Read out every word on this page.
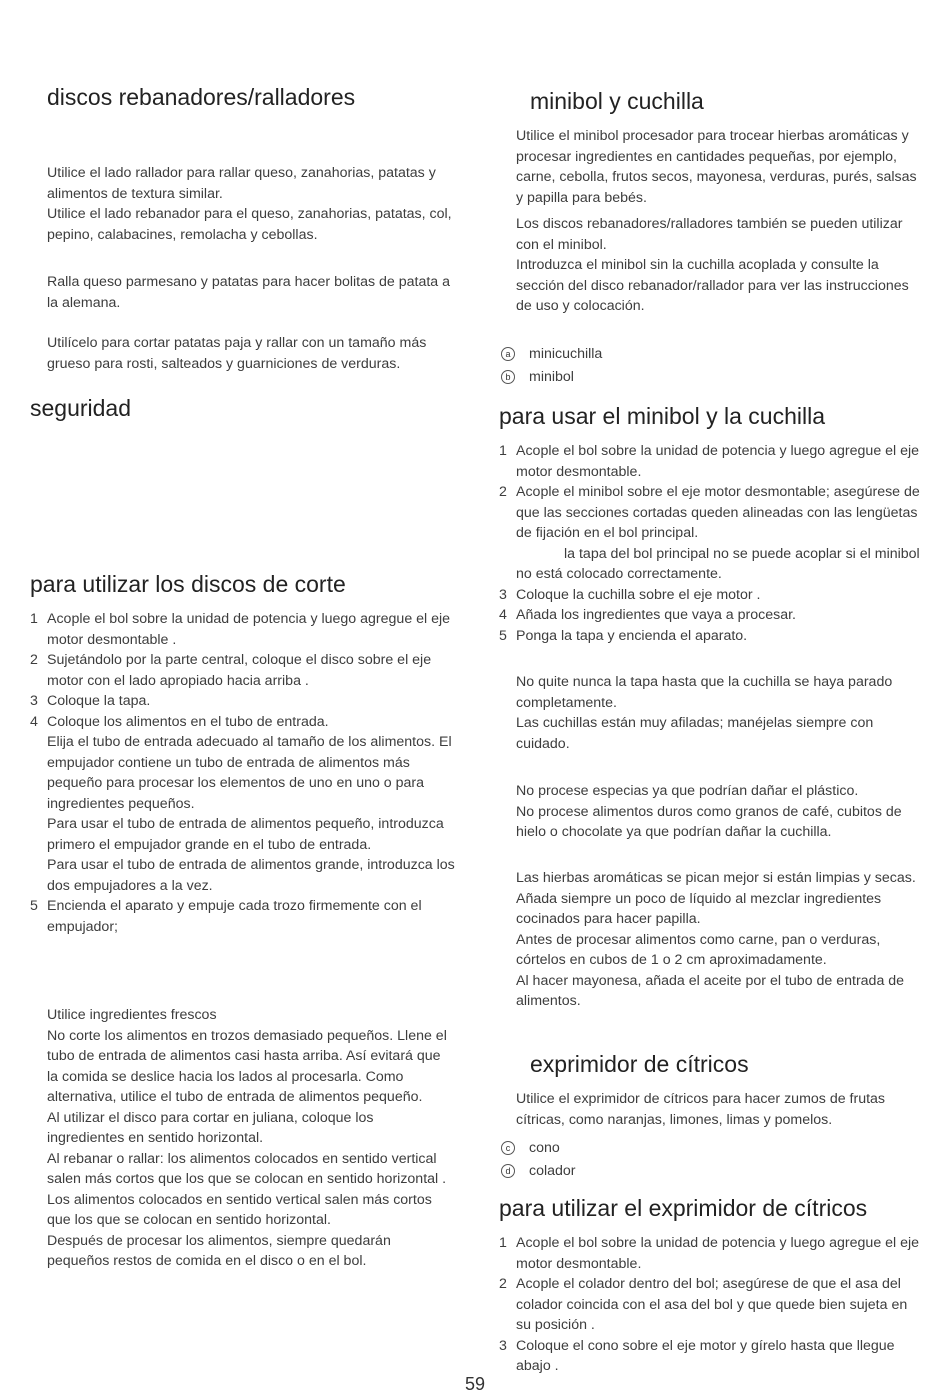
discos rebanadores/ralladores

Utilice el lado rallador para rallar queso, zanahorias, patatas y alimentos de textura similar.

Utilice el lado rebanador para el queso, zanahorias, patatas, col, pepino, calabacines, remolacha y cebollas.

Ralla queso parmesano y patatas para hacer bolitas de patata a la alemana.

Utilícelo para cortar patatas paja y rallar con un tamaño más grueso para rosti, salteados y guarniciones de verduras.

seguridad
para utilizar los discos de corte
1 Acople el bol sobre la unidad de potencia y luego agregue el eje motor desmontable .
2 Sujetándolo por la parte central, coloque el disco sobre el eje motor con el lado apropiado hacia arriba .
3 Coloque la tapa.
4 Coloque los alimentos en el tubo de entrada.
Elija el tubo de entrada adecuado al tamaño de los alimentos. El empujador contiene un tubo de entrada de alimentos más pequeño para procesar los elementos de uno en uno o para ingredientes pequeños.
Para usar el tubo de entrada de alimentos pequeño, introduzca primero el empujador grande en el tubo de entrada.
Para usar el tubo de entrada de alimentos grande, introduzca los dos empujadores a la vez.
5 Encienda el aparato y empuje cada trozo firmemente con el empujador;

Utilice ingredientes frescos

No corte los alimentos en trozos demasiado pequeños. Llene el tubo de entrada de alimentos casi hasta arriba. Así evitará que la comida se deslice hacia los lados al procesarla. Como alternativa, utilice el tubo de entrada de alimentos pequeño.

Al utilizar el disco para cortar en juliana, coloque los ingredientes en sentido horizontal.

Al rebanar o rallar: los alimentos colocados en sentido vertical salen más cortos que los que se colocan en sentido horizontal .

Los alimentos colocados en sentido vertical salen más cortos que los que se colocan en sentido horizontal.

Después de procesar los alimentos, siempre quedarán pequeños restos de comida en el disco o en el bol.

minibol y cuchilla

Utilice el minibol procesador para trocear hierbas aromáticas y procesar ingredientes en cantidades pequeñas, por ejemplo, carne, cebolla, frutos secos, mayonesa, verduras, purés, salsas y papilla para bebés.

Los discos rebanadores/ralladores también se pueden utilizar con el minibol.

Introduzca el minibol sin la cuchilla acoplada y consulte la sección del disco rebanador/rallador para ver las instrucciones de uso y colocación.

a	minicuchilla
b	minibol
para usar el minibol y la cuchilla
1 Acople el bol sobre la unidad de potencia y luego agregue el eje motor desmontable.
2 Acople el minibol sobre el eje motor desmontable; asegúrese de que las secciones cortadas queden alineadas con las lengüetas de fijación en el bol principal.
la tapa del bol principal no se puede acoplar si el minibol no está colocado correctamente.
3 Coloque la cuchilla sobre el eje motor .
4 Añada los ingredientes que vaya a procesar.
5 Ponga la tapa y encienda el aparato.

No quite nunca la tapa hasta que la cuchilla se haya parado completamente.

Las cuchillas están muy afiladas; manéjelas siempre con cuidado.

No procese especias ya que podrían dañar el plástico.

No procese alimentos duros como granos de café, cubitos de hielo o chocolate ya que podrían dañar la cuchilla.

Las hierbas aromáticas se pican mejor si están limpias y secas.

Añada siempre un poco de líquido al mezclar ingredientes cocinados para hacer papilla.

Antes de procesar alimentos como carne, pan o verduras, córtelos en cubos de 1 o 2 cm aproximadamente.

Al hacer mayonesa, añada el aceite por el tubo de entrada de alimentos.

exprimidor de cítricos

Utilice el exprimidor de cítricos para hacer zumos de frutas cítricas, como naranjas, limones, limas y pomelos.

c	cono
d	colador
para utilizar el exprimidor de cítricos
1 Acople el bol sobre la unidad de potencia y luego agregue el eje motor desmontable.
2 Acople el colador dentro del bol; asegúrese de que el asa del colador coincida con el asa del bol y que quede bien sujeta en su posición .
3 Coloque el cono sobre el eje motor y gírelo hasta que llegue abajo .
59
